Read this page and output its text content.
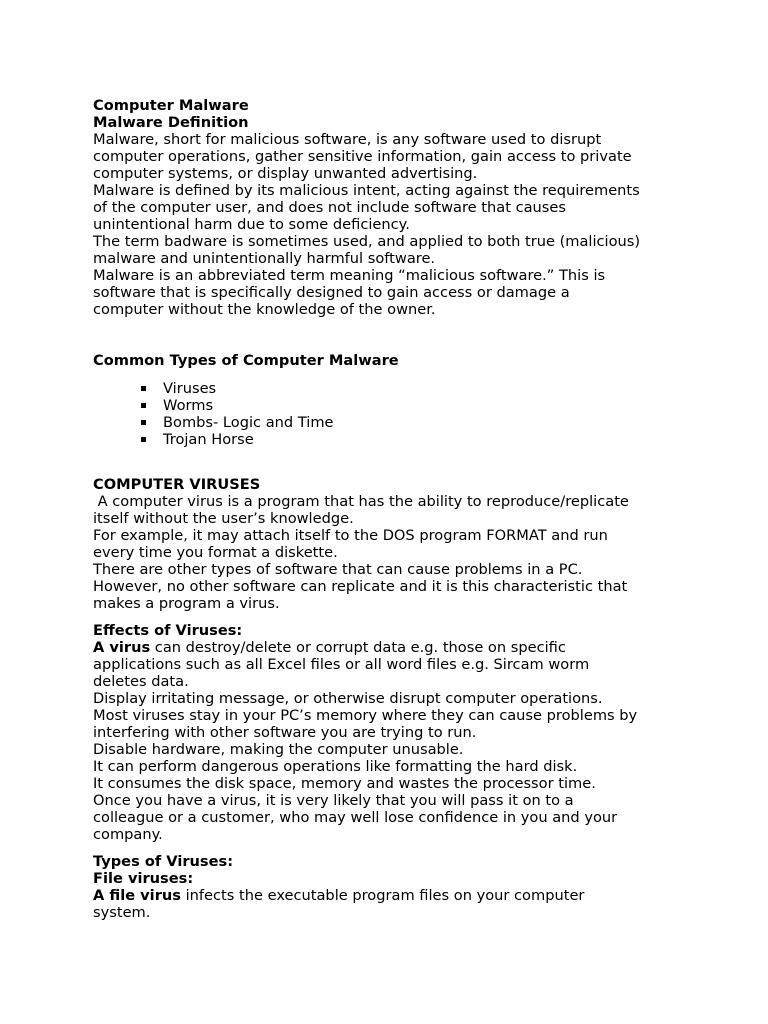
Computer Malware
Malware Definition
Malware, short for malicious software, is any software used to disrupt
computer operations, gather sensitive information, gain access to private
computer systems, or display unwanted advertising.
Malware is defined by its malicious intent, acting against the requirements
of the computer user, and does not include software that causes
unintentional harm due to some deficiency.
The term badware is sometimes used, and applied to both true (malicious)
malware and unintentionally harmful software.
Malware is an abbreviated term meaning “malicious software.” This is
software that is specifically designed to gain access or damage a
computer without the knowledge of the owner.
Common Types of Computer Malware
Viruses
Worms
Bombs- Logic and Time
Trojan Horse
COMPUTER VIRUSES
A computer virus is a program that has the ability to reproduce/replicate
itself without the user’s knowledge.
For example, it may attach itself to the DOS program FORMAT and run
every time you format a diskette.
There are other types of software that can cause problems in a PC.
However, no other software can replicate and it is this characteristic that
makes a program a virus.
Effects of Viruses:
A virus can destroy/delete or corrupt data e.g. those on specific
applications such as all Excel files or all word files e.g. Sircam worm
deletes data.
Display irritating message, or otherwise disrupt computer operations.
Most viruses stay in your PC’s memory where they can cause problems by
interfering with other software you are trying to run.
Disable hardware, making the computer unusable.
It can perform dangerous operations like formatting the hard disk.
It consumes the disk space, memory and wastes the processor time.
Once you have a virus, it is very likely that you will pass it on to a
colleague or a customer, who may well lose confidence in you and your
company.
Types of Viruses:
File viruses:
A file virus infects the executable program files on your computer
system.
